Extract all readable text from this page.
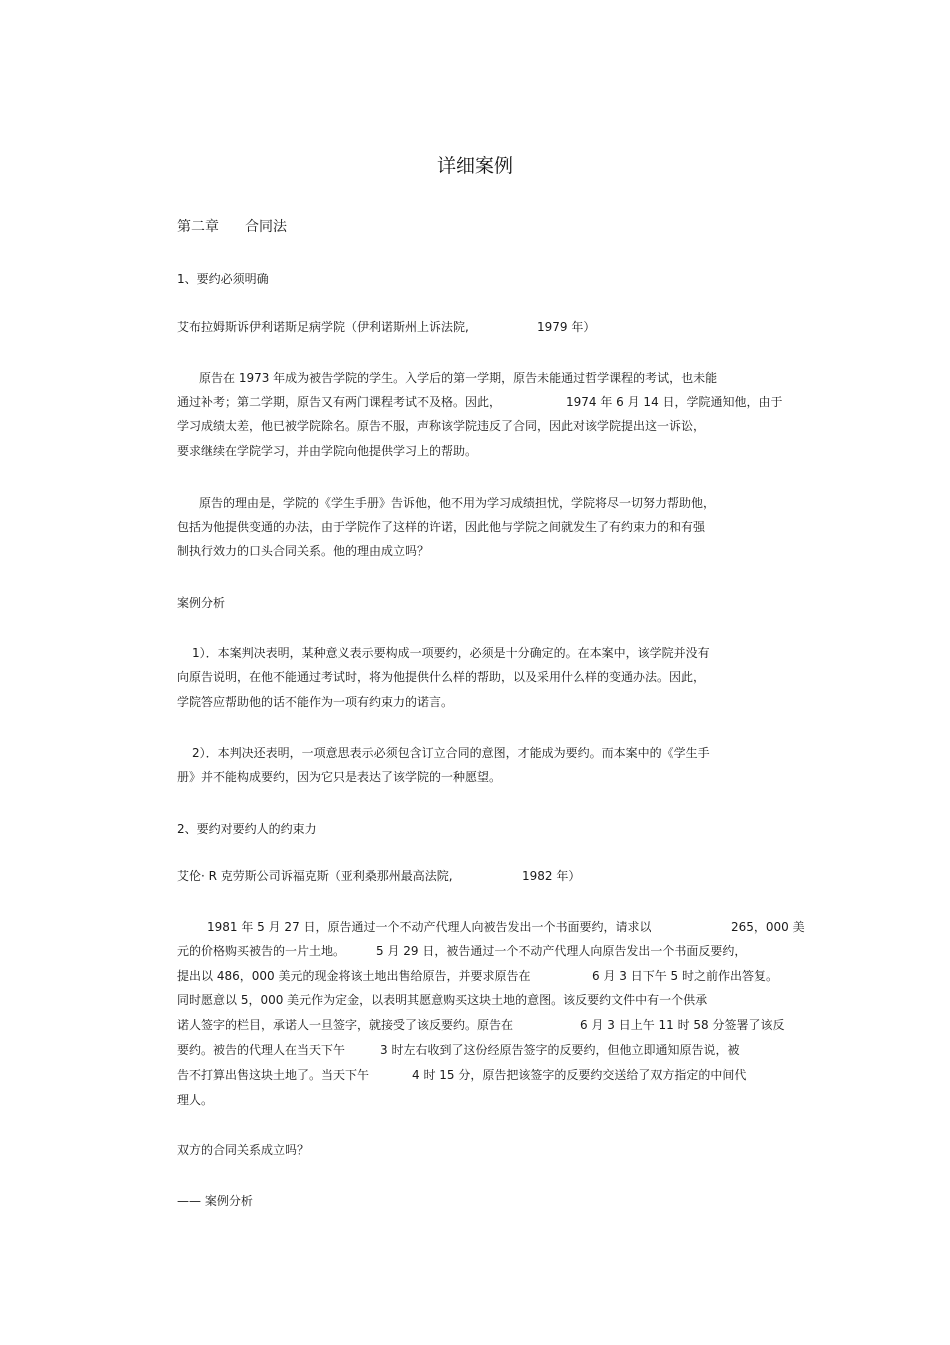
详细案例
第二章 合同法
1、要约必须明确
艾布拉姆斯诉伊利诺斯足病学院（伊利诺斯州上诉法院,	1979 年）
原告在 1973 年成为被告学院的学生。入学后的第一学期，原告未能通过哲学课程的考试，也未能
通过补考；第二学期，原告又有两门课程考试不及格。因此，	1974 年 6 月 14 日，学院通知他，由于
学习成绩太差，他已被学院除名。原告不服，声称该学院违反了合同，因此对该学院提出这一诉讼，
要求继续在学院学习，并由学院向他提供学习上的帮助。
原告的理由是，学院的《学生手册》告诉他，他不用为学习成绩担忧，学院将尽一切努力帮助他，
包括为他提供变通的办法，由于学院作了这样的许诺，因此他与学院之间就发生了有约束力的和有强
制执行效力的口头合同关系。他的理由成立吗？
案例分析
1）．本案判决表明，某种意义表示要构成一项要约，必须是十分确定的。在本案中，该学院并没有
向原告说明，在他不能通过考试时，将为他提供什么样的帮助，以及采用什么样的变通办法。因此，
学院答应帮助他的话不能作为一项有约束力的诺言。
2）．本判决还表明，一项意思表示必须包含订立合同的意图，才能成为要约。而本案中的《学生手
册》并不能构成要约，因为它只是表达了该学院的一种愿望。
2、要约对要约人的约束力
艾伦· R 克劳斯公司诉福克斯（亚利桑那州最高法院,	1982 年）
1981 年 5 月 27 日，原告通过一个不动产代理人向被告发出一个书面要约，请求以	265，000 美
元的价格购买被告的一片土地。	5 月 29 日，被告通过一个不动产代理人向原告发出一个书面反要约，
提出以 486，000 美元的现金将该土地出售给原告，并要求原告在	6 月 3 日下午 5 时之前作出答复。
同时愿意以 5，000 美元作为定金，以表明其愿意购买这块土地的意图。该反要约文件中有一个供承
诺人签字的栏目，承诺人一旦签字，就接受了该反要约。原告在	6 月 3 日上午 11 时 58 分签署了该反
要约。被告的代理人在当天下午	3 时左右收到了这份经原告签字的反要约，但他立即通知原告说，被
告不打算出售这块土地了。当天下午	4 时 15 分，原告把该签字的反要约交送给了双方指定的中间代
理人。
双方的合同关系成立吗？
—— 案例分析
